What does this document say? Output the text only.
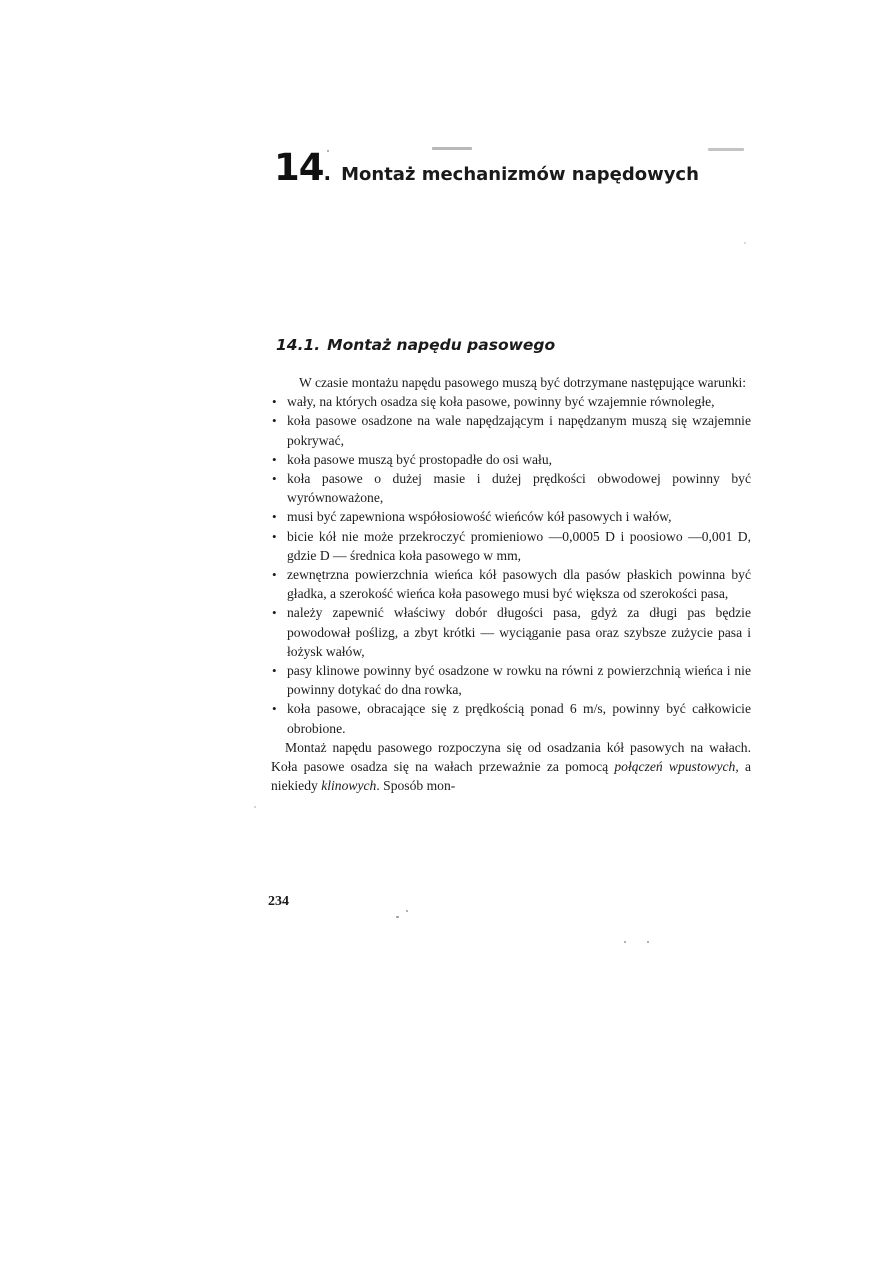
14. Montaż mechanizmów napędowych
14.1. Montaż napędu pasowego

W czasie montażu napędu pasowego muszą być dotrzymane następujące warunki:

• wały, na których osadza się koła pasowe, powinny być wzajemnie równoległe,
• koła pasowe osadzone na wale napędzającym i napędzanym muszą się wzajemnie pokrywać,
• koła pasowe muszą być prostopadłe do osi wału,
• koła pasowe o dużej masie i dużej prędkości obwodowej powinny być wyrównoważone,
• musi być zapewniona współosiowość wieńców kół pasowych i wałów,
• bicie kół nie może przekroczyć promieniowo —0,0005 D i poosiowo —0,001 D, gdzie D — średnica koła pasowego w mm,
• zewnętrzna powierzchnia wieńca kół pasowych dla pasów płaskich powinna być gładka, a szerokość wieńca koła pasowego musi być większa od szerokości pasa,
• należy zapewnić właściwy dobór długości pasa, gdyż za długi pas będzie powodował poślizg, a zbyt krótki — wyciąganie pasa oraz szybsze zużycie pasa i łożysk wałów,
• pasy klinowe powinny być osadzone w rowku na równi z powierzchnią wieńca i nie powinny dotykać do dna rowka,
• koła pasowe, obracające się z prędkością ponad 6 m/s, powinny być całkowicie obrobione.

Montaż napędu pasowego rozpoczyna się od osadzania kół pasowych na wałach. Koła pasowe osadza się na wałach przeważnie za pomocą połączeń wpustowych, a niekiedy klinowych. Sposób mon-

234
